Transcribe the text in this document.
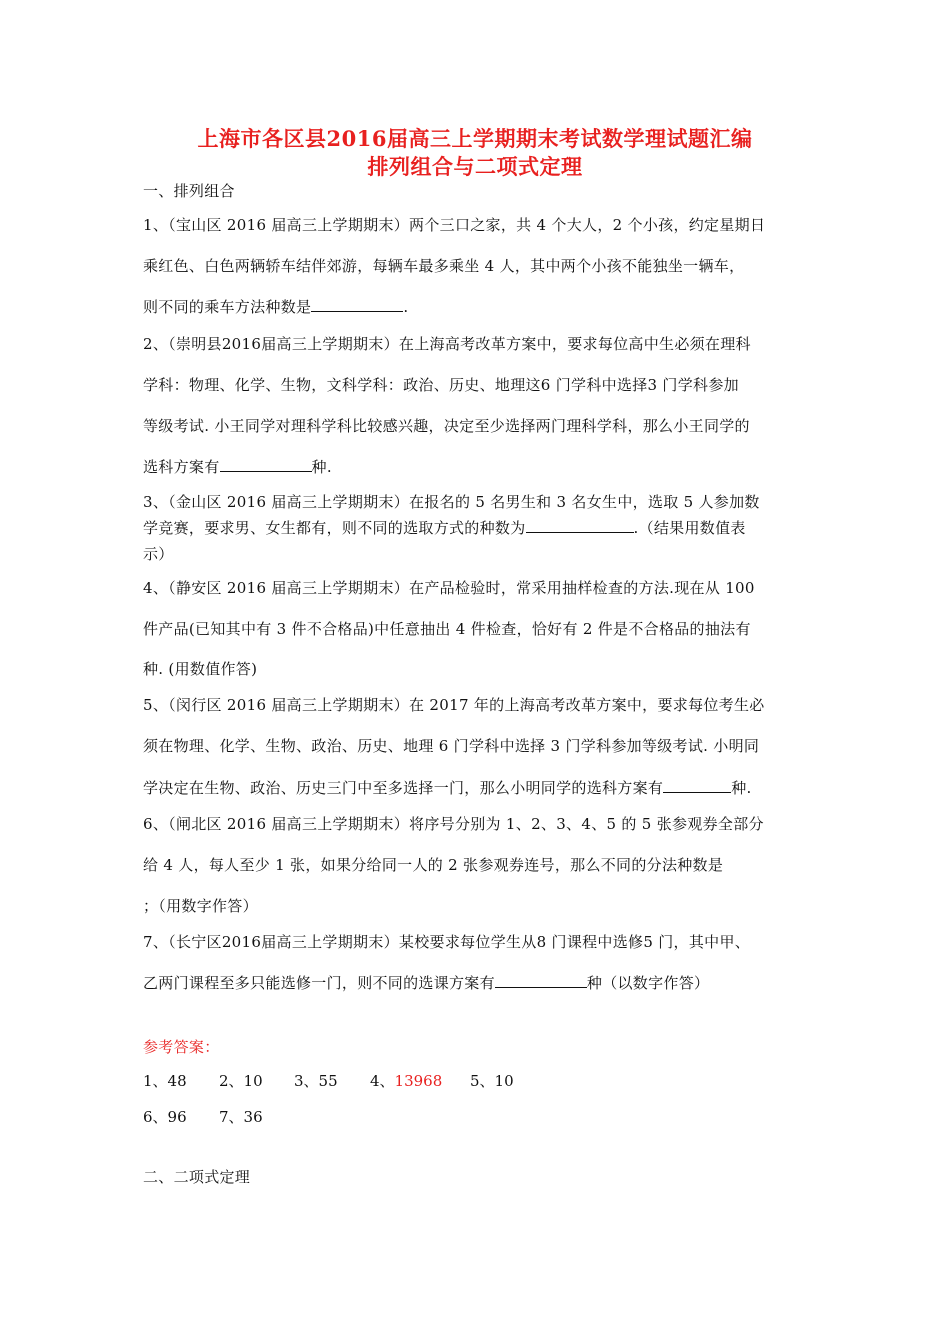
上海市各区县2016届高三上学期期末考试数学理试题汇编
排列组合与二项式定理
一、排列组合
1、（宝山区 2016 届高三上学期期末）两个三口之家，共 4 个大人，2 个小孩，约定星期日
乘红色、白色两辆轿车结伴郊游，每辆车最多乘坐 4 人，其中两个小孩不能独坐一辆车，
则不同的乘车方法种数是	.
2、（崇明县2016届高三上学期期末）在上海高考改革方案中，要求每位高中生必须在理科
学科：物理、化学、生物，文科学科：政治、历史、地理这6 门学科中选择3 门学科参加
等级考试. 小王同学对理科学科比较感兴趣，决定至少选择两门理科学科，那么小王同学的
选科方案有	种.
3、（金山区 2016 届高三上学期期末）在报名的 5 名男生和 3 名女生中，选取 5 人参加数
学竞赛，要求男、女生都有，则不同的选取方式的种数为	.（结果用数值表
示）
4、（静安区 2016 届高三上学期期末）在产品检验时，常采用抽样检查的方法.现在从 100
件产品(已知其中有 3 件不合格品)中任意抽出 4 件检查，恰好有 2 件是不合格品的抽法有
种. (用数值作答)
5、（闵行区 2016 届高三上学期期末）在 2017 年的上海高考改革方案中，要求每位考生必
须在物理、化学、生物、政治、历史、地理 6 门学科中选择 3 门学科参加等级考试. 小明同
学决定在生物、政治、历史三门中至多选择一门，那么小明同学的选科方案有	种.
6、（闸北区 2016 届高三上学期期末）将序号分别为 1、2、3、4、5 的 5 张参观券全部分
给 4 人，每人至少 1 张，如果分给同一人的 2 张参观券连号，那么不同的分法种数是
；（用数字作答）
7、（长宁区2016届高三上学期期末）某校要求每位学生从8 门课程中选修5 门，其中甲、
乙两门课程至多只能选修一门，则不同的选课方案有	种（以数字作答）
参考答案：
1、48 2、10 3、55 4、13968 5、10
6、96 7、36
二、二项式定理
